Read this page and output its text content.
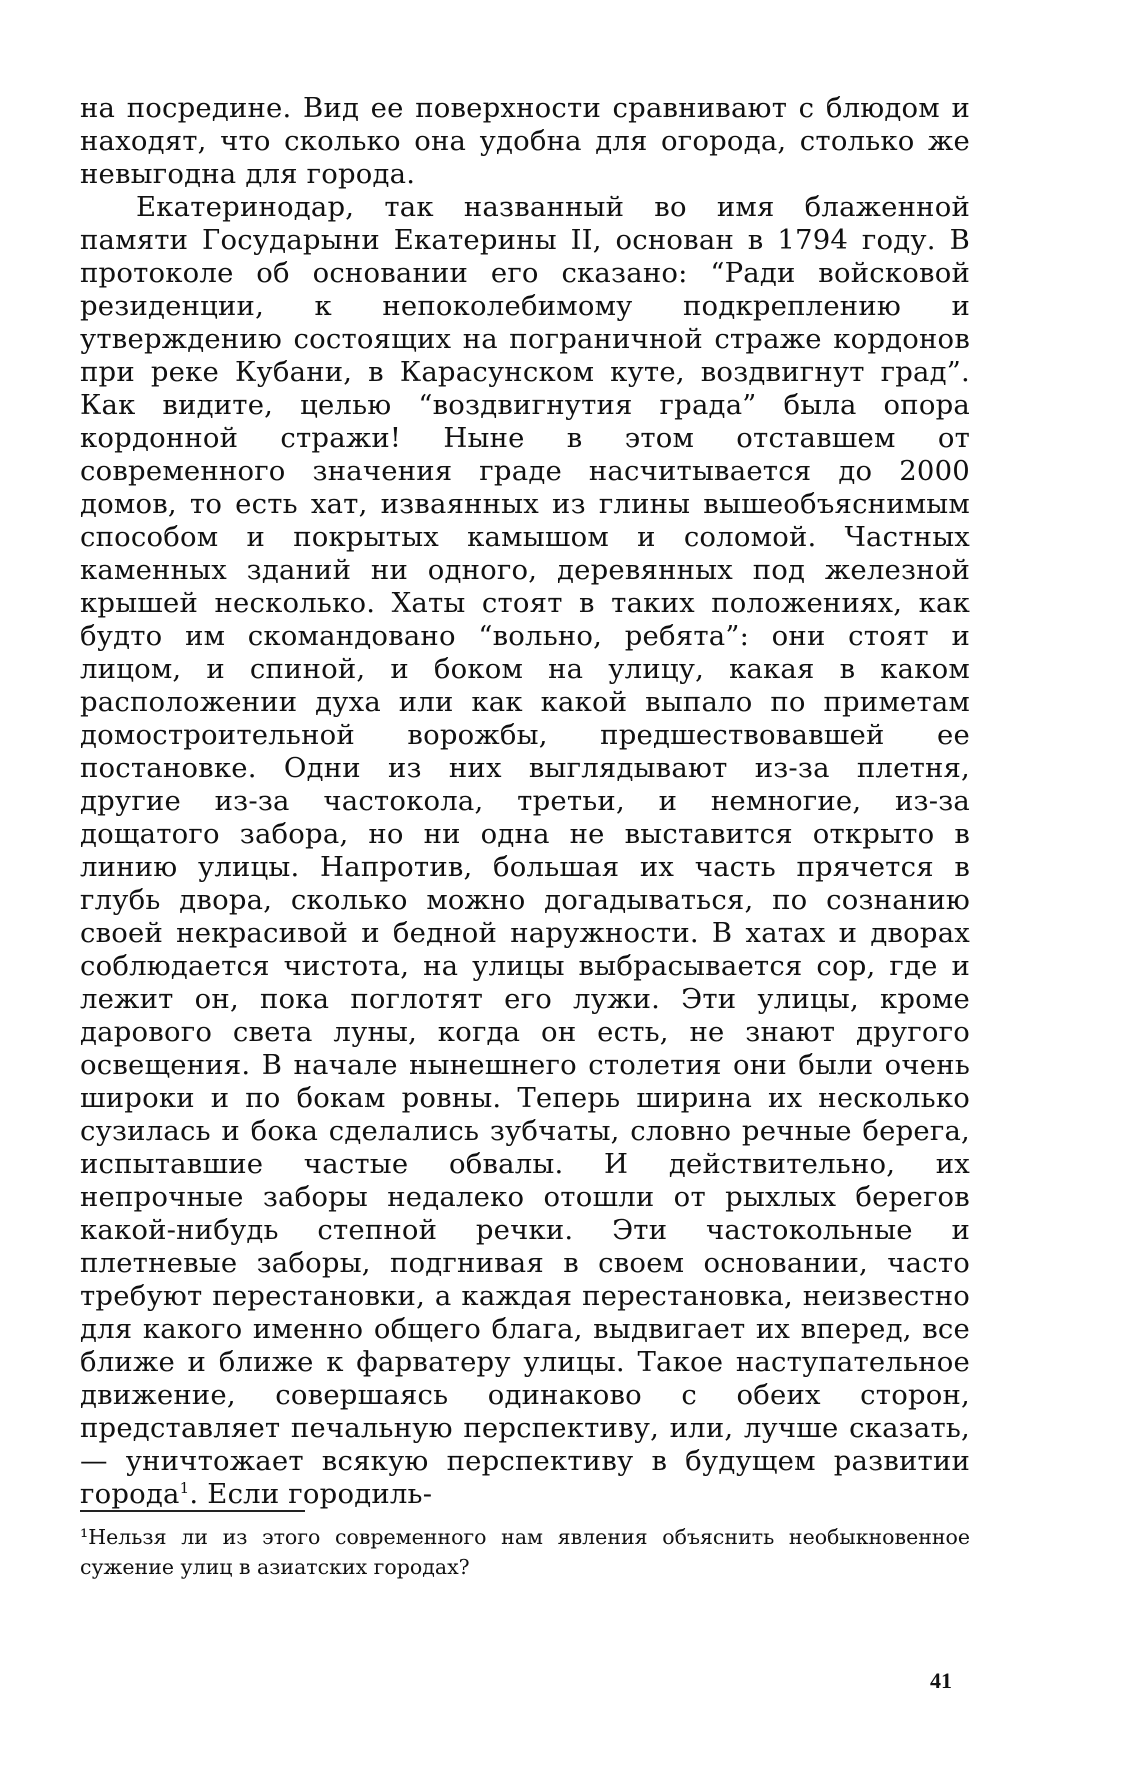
на посредине. Вид ее поверхности сравнивают с блюдом и находят, что сколько она удобна для огорода, столько же невыгодна для города.

Екатеринодар, так названный во имя блаженной памяти Государыни Екатерины II, основан в 1794 году. В протоколе об основании его сказано: “Ради войсковой резиденции, к непоколебимому подкреплению и утверждению состоящих на пограничной страже кордонов при реке Кубани, в Карасунском куте, воздвигнут град”. Как видите, целью “воздвигнутия града” была опора кордонной стражи! Ныне в этом отставшем от современного значения граде насчитывается до 2000 домов, то есть хат, изваянных из глины вышеобъяснимым способом и покрытых камышом и соломой. Частных каменных зданий ни одного, деревянных под железной крышей несколько. Хаты стоят в таких положениях, как будто им скомандовано “вольно, ребята”: они стоят и лицом, и спиной, и боком на улицу, какая в каком расположении духа или как какой выпало по приметам домостроительной ворожбы, предшествовавшей ее постановке. Одни из них выглядывают из-за плетня, другие из-за частокола, третьи, и немногие, из-за дощатого забора, но ни одна не выставится открыто в линию улицы. Напротив, большая их часть прячется в глубь двора, сколько можно догадываться, по сознанию своей некрасивой и бедной наружности. В хатах и дворах соблюдается чистота, на улицы выбрасывается сор, где и лежит он, пока поглотят его лужи. Эти улицы, кроме дарового света луны, когда он есть, не знают другого освещения. В начале нынешнего столетия они были очень широки и по бокам ровны. Теперь ширина их несколько сузилась и бока сделались зубчаты, словно речные берега, испытавшие частые обвалы. И действительно, их непрочные заборы недалеко отошли от рыхлых берегов какой-нибудь степной речки. Эти частокольные и плетневые заборы, подгнивая в своем основании, часто требуют перестановки, а каждая перестановка, неизвестно для какого именно общего блага, выдвигает их вперед, все ближе и ближе к фарватеру улицы. Такое наступательное движение, совершаясь одинаково с обеих сторон, представляет печальную перспективу, или, лучше сказать,— уничтожает всякую перспективу в будущем развитии города$^1$. Если городиль-

¹Нельзя ли из этого современного нам явления объяснить необыкновенное сужение улиц в азиатских городах?
41
